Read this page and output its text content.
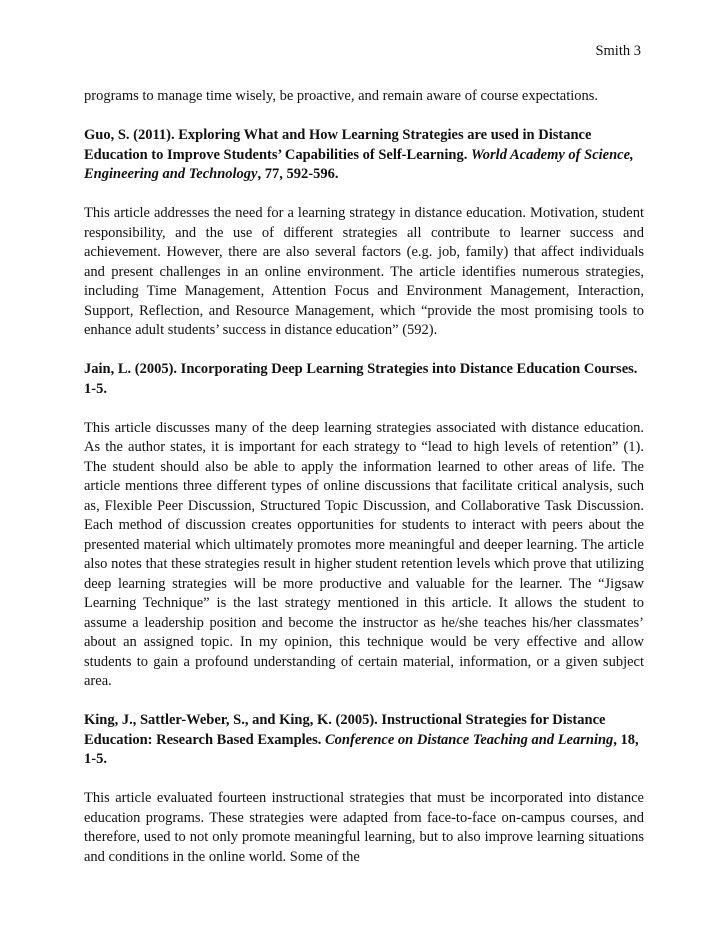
Smith 3

programs to manage time wisely, be proactive, and remain aware of course expectations.

Guo, S. (2011). Exploring What and How Learning Strategies are used in Distance Education to Improve Students’ Capabilities of Self-Learning. World Academy of Science, Engineering and Technology, 77, 592-596.

This article addresses the need for a learning strategy in distance education. Motivation, student responsibility, and the use of different strategies all contribute to learner success and achievement. However, there are also several factors (e.g. job, family) that affect individuals and present challenges in an online environment. The article identifies numerous strategies, including Time Management, Attention Focus and Environment Management, Interaction, Support, Reflection, and Resource Management, which “provide the most promising tools to enhance adult students’ success in distance education” (592).

Jain, L. (2005). Incorporating Deep Learning Strategies into Distance Education Courses. 1-5.

This article discusses many of the deep learning strategies associated with distance education. As the author states, it is important for each strategy to “lead to high levels of retention” (1). The student should also be able to apply the information learned to other areas of life. The article mentions three different types of online discussions that facilitate critical analysis, such as, Flexible Peer Discussion, Structured Topic Discussion, and Collaborative Task Discussion. Each method of discussion creates opportunities for students to interact with peers about the presented material which ultimately promotes more meaningful and deeper learning. The article also notes that these strategies result in higher student retention levels which prove that utilizing deep learning strategies will be more productive and valuable for the learner. The “Jigsaw Learning Technique” is the last strategy mentioned in this article. It allows the student to assume a leadership position and become the instructor as he/she teaches his/her classmates’ about an assigned topic. In my opinion, this technique would be very effective and allow students to gain a profound understanding of certain material, information, or a given subject area.

King, J., Sattler-Weber, S., and King, K. (2005). Instructional Strategies for Distance Education: Research Based Examples. Conference on Distance Teaching and Learning, 18, 1-5.

This article evaluated fourteen instructional strategies that must be incorporated into distance education programs. These strategies were adapted from face-to-face on-campus courses, and therefore, used to not only promote meaningful learning, but to also improve learning situations and conditions in the online world. Some of the
